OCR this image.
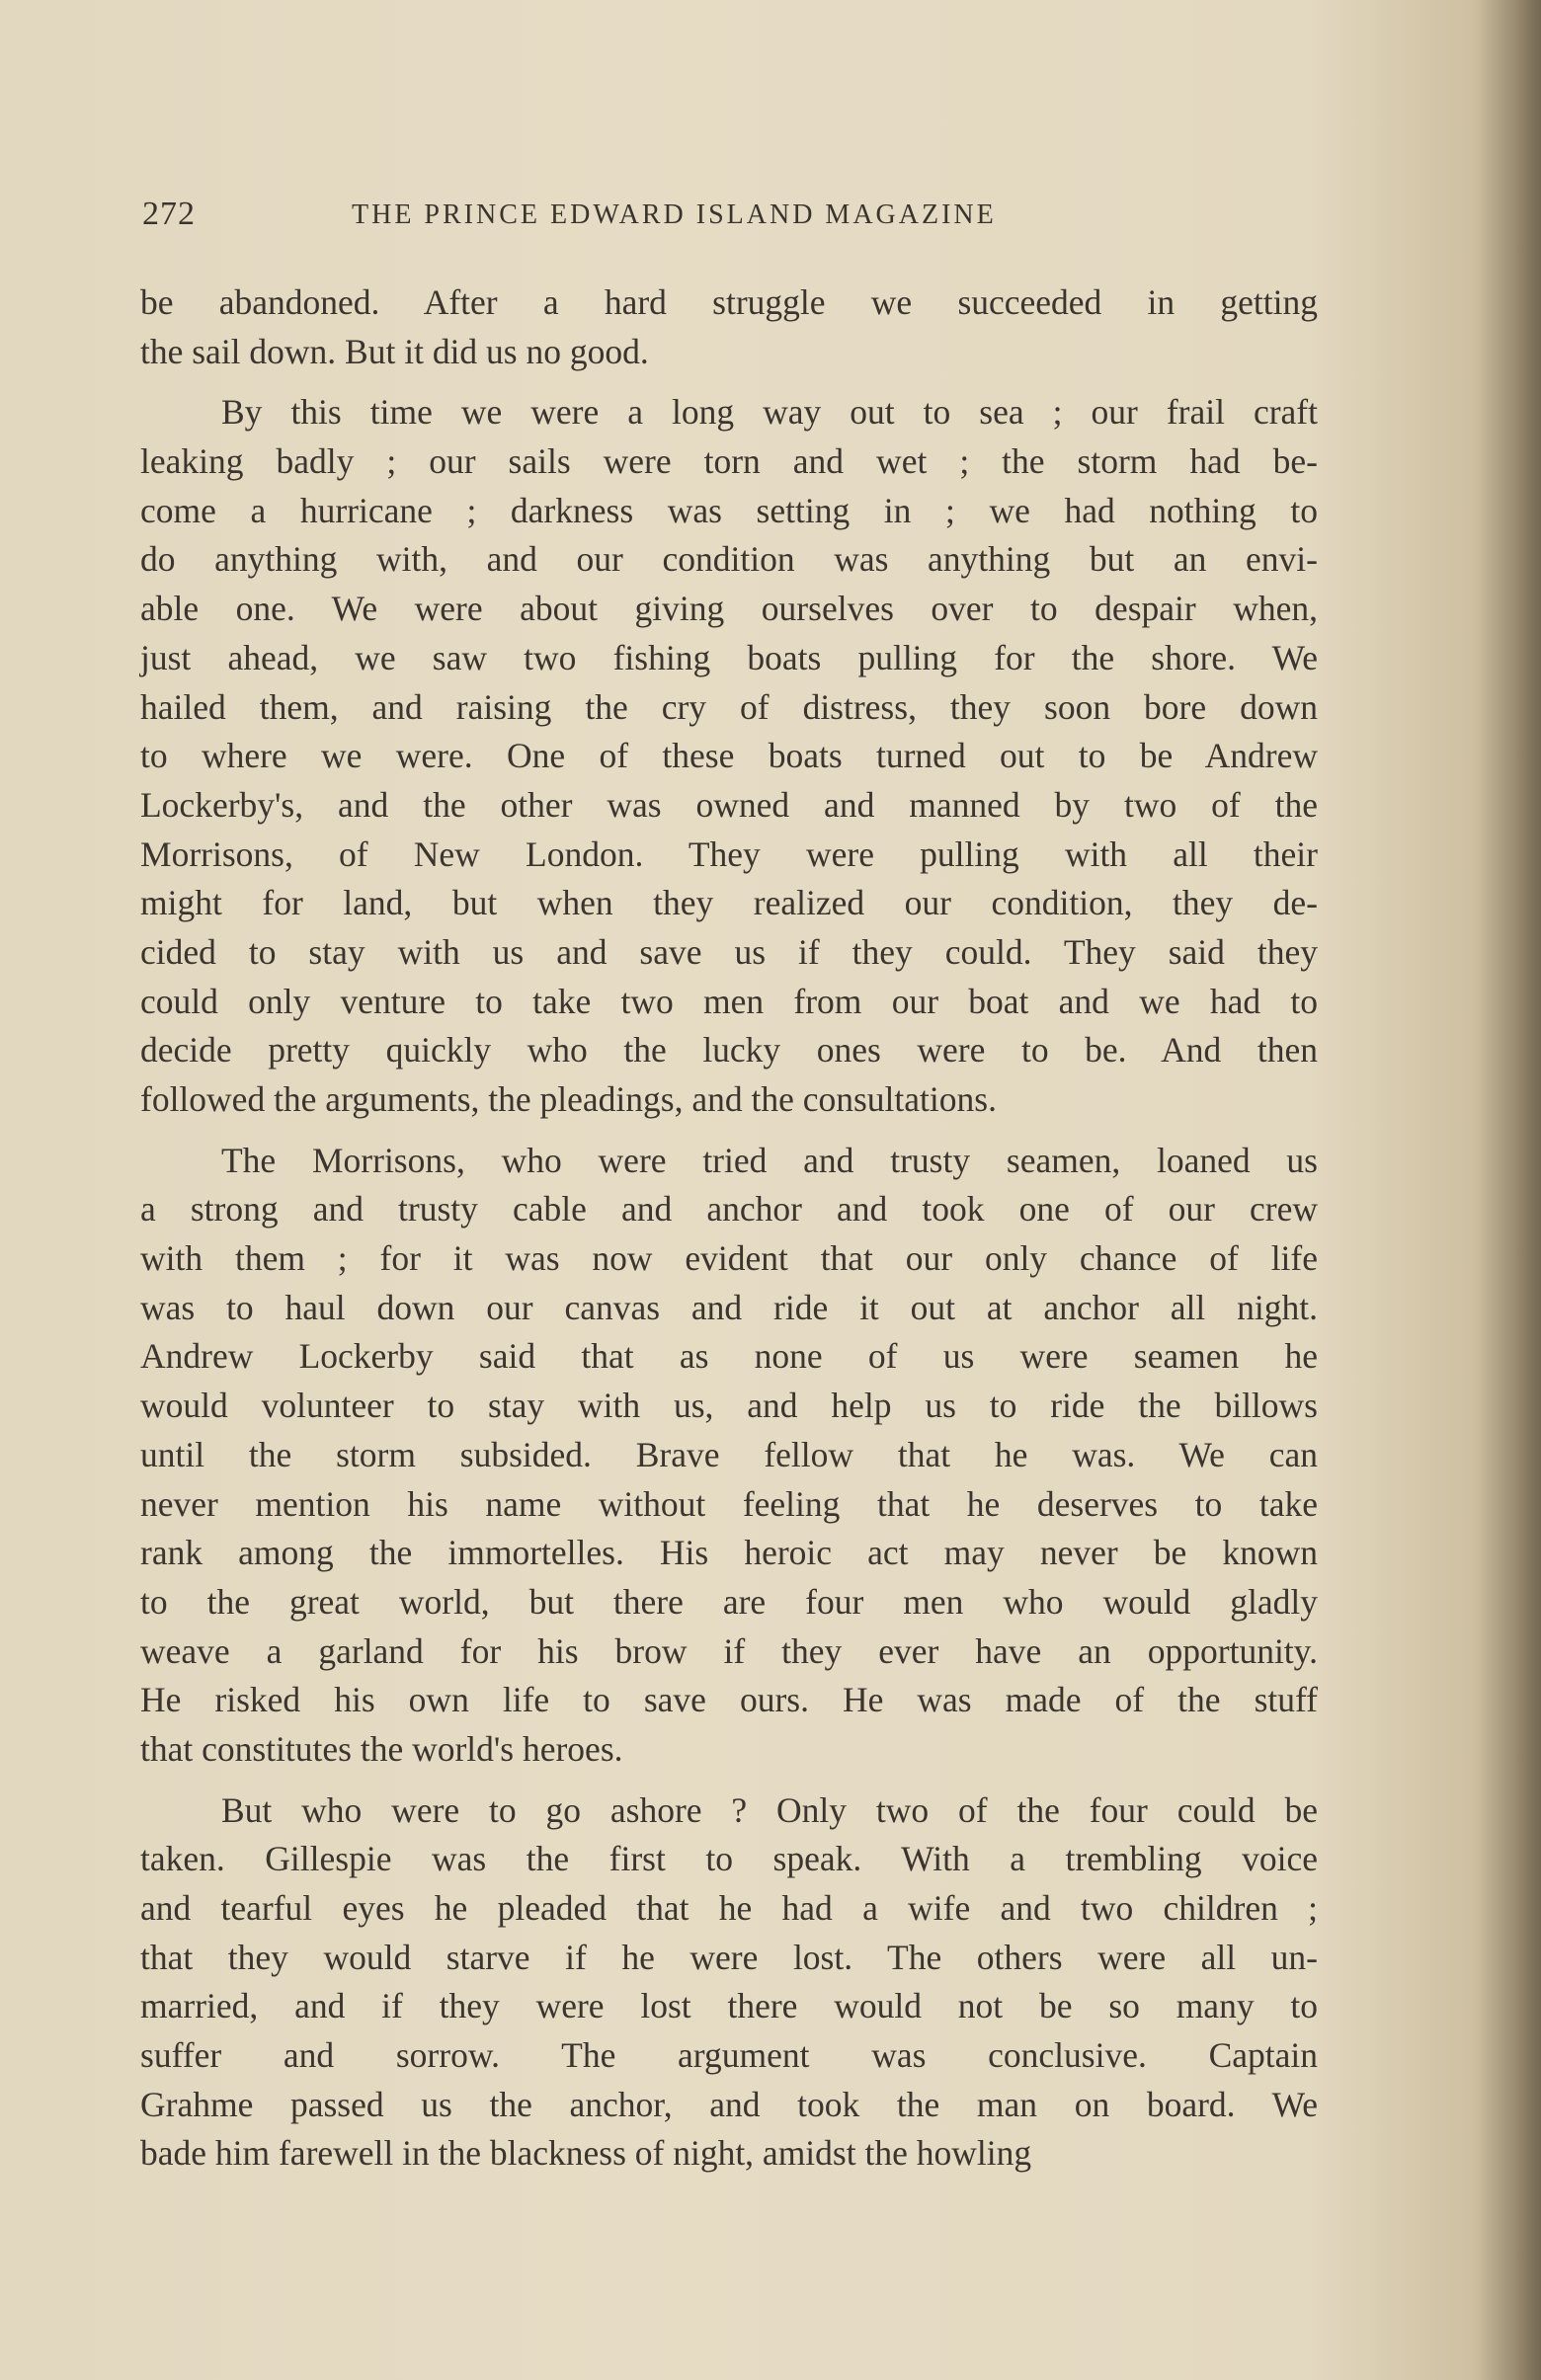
272	THE PRINCE EDWARD ISLAND MAGAZINE
be abandoned. After a hard struggle we succeeded in getting
the sail down. But it did us no good.
By this time we were a long way out to sea ; our frail craft
leaking badly ; our sails were torn and wet ; the storm had be-
come a hurricane ; darkness was setting in ; we had nothing to
do anything with, and our condition was anything but an envi-
able one. We were about giving ourselves over to despair when,
just ahead, we saw two fishing boats pulling for the shore. We
hailed them, and raising the cry of distress, they soon bore down
to where we were. One of these boats turned out to be Andrew
Lockerby's, and the other was owned and manned by two of the
Morrisons, of New London. They were pulling with all their
might for land, but when they realized our condition, they de-
cided to stay with us and save us if they could. They said they
could only venture to take two men from our boat and we had to
decide pretty quickly who the lucky ones were to be. And then
followed the arguments, the pleadings, and the consultations.
The Morrisons, who were tried and trusty seamen, loaned us
a strong and trusty cable and anchor and took one of our crew
with them ; for it was now evident that our only chance of life
was to haul down our canvas and ride it out at anchor all night.
Andrew Lockerby said that as none of us were seamen he
would volunteer to stay with us, and help us to ride the billows
until the storm subsided. Brave fellow that he was. We can
never mention his name without feeling that he deserves to take
rank among the immortelles. His heroic act may never be known
to the great world, but there are four men who would gladly
weave a garland for his brow if they ever have an opportunity.
He risked his own life to save ours. He was made of the stuff
that constitutes the world's heroes.
But who were to go ashore ? Only two of the four could be
taken. Gillespie was the first to speak. With a trembling voice
and tearful eyes he pleaded that he had a wife and two children ;
that they would starve if he were lost. The others were all un-
married, and if they were lost there would not be so many to
suffer and sorrow. The argument was conclusive. Captain
Grahme passed us the anchor, and took the man on board. We
bade him farewell in the blackness of night, amidst the howling
